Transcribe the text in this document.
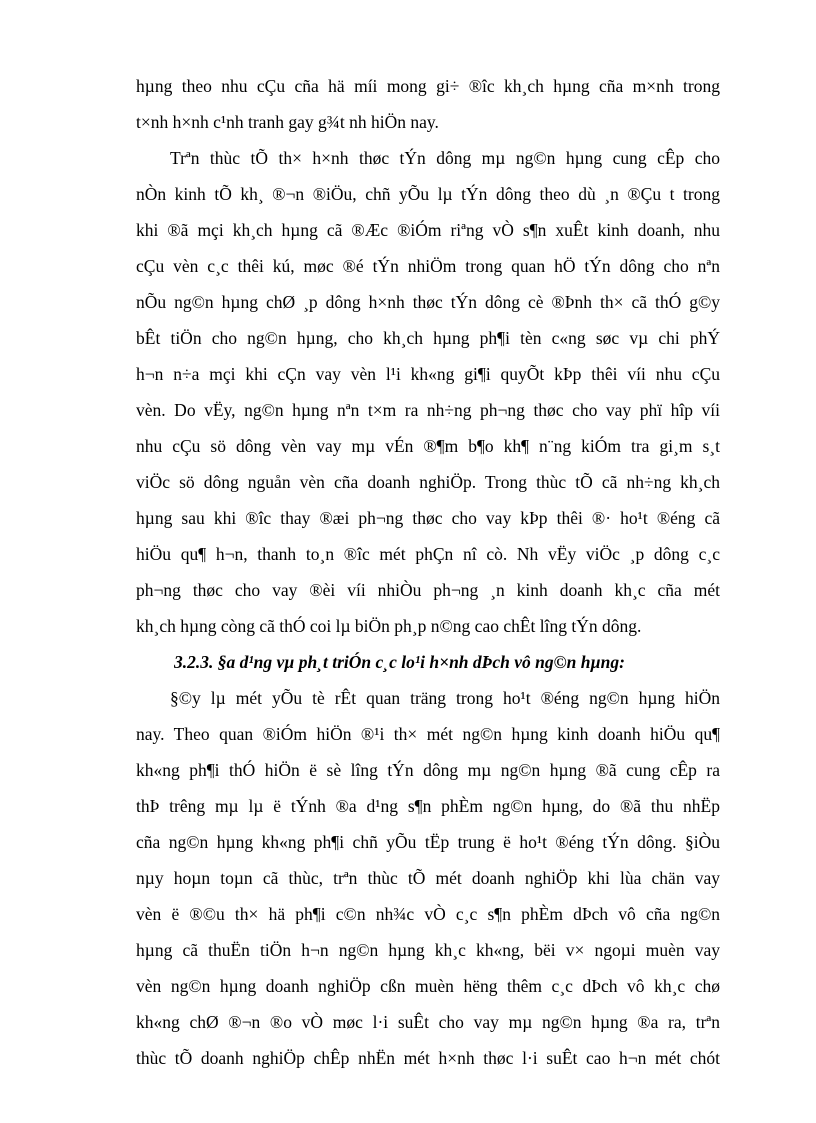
hµng theo nhu cÇu cña hä míi mong gi÷ ®îc kh¸ch hµng cña m×nh trong
t×nh h×nh c¹nh tranh gay g¾t nh hiÖn nay.
Trªn thùc tÕ th× h×nh thøc tÝn dông mµ ng©n hµng cung cÊp cho
nÒn kinh tÕ kh¸ ®¬n ®iÖu, chñ yÕu lµ tÝn dông theo dù ¸n ®Çu t trong
khi ®ã mçi kh¸ch hµng cã ®Æc ®iÓm riªng vÒ s¶n xuÊt kinh doanh, nhu
cÇu vèn c¸c thêi kú, møc ®é tÝn nhiÖm trong quan hÖ tÝn dông cho nªn
nÕu ng©n hµng chØ ¸p dông h×nh thøc tÝn dông cè ®Þnh th× cã thÓ g©y
bÊt tiÖn cho ng©n hµng, cho kh¸ch hµng ph¶i tèn c«ng søc vµ chi phÝ
h¬n n÷a mçi khi cÇn vay vèn l¹i kh«ng gi¶i quyÕt kÞp thêi víi nhu cÇu
vèn. Do vËy, ng©n hµng nªn t×m ra nh÷ng ph¬ng thøc cho vay phï hîp víi
nhu cÇu sö dông vèn vay mµ vÉn ®¶m b¶o kh¶ n¨ng kiÓm tra gi¸m s¸t
viÖc sö dông nguån vèn cña doanh nghiÖp. Trong thùc tÕ cã nh÷ng kh¸ch
hµng sau khi ®îc thay ®æi ph¬ng thøc cho vay kÞp thêi ®· ho¹t ®éng cã
hiÖu qu¶ h¬n, thanh to¸n ®îc mét phÇn nî cò. Nh vËy viÖc ¸p dông c¸c
ph¬ng thøc cho vay ®èi víi nhiÒu ph¬ng ¸n kinh doanh kh¸c cña mét
kh¸ch hµng còng cã thÓ coi lµ biÖn ph¸p n©ng cao chÊt lîng tÝn dông.
3.2.3. §a d¹ng vµ ph¸t triÓn c¸c lo¹i h×nh dÞch vô ng©n hµng:
§©y lµ mét yÕu tè rÊt quan träng trong ho¹t ®éng ng©n hµng hiÖn
nay. Theo quan ®iÓm hiÖn ®¹i th× mét ng©n hµng kinh doanh hiÖu qu¶
kh«ng ph¶i thÓ hiÖn ë sè lîng tÝn dông mµ ng©n hµng ®ã cung cÊp ra
thÞ trêng mµ lµ ë tÝnh ®a d¹ng s¶n phÈm ng©n hµng, do ®ã thu nhËp
cña ng©n hµng kh«ng ph¶i chñ yÕu tËp trung ë ho¹t ®éng tÝn dông. §iÒu
nµy hoµn toµn cã thùc, trªn thùc tÕ mét doanh nghiÖp khi lùa chän vay
vèn ë ®©u th× hä ph¶i c©n nh¾c vÒ c¸c s¶n phÈm dÞch vô cña ng©n
hµng cã thuËn tiÖn h¬n ng©n hµng kh¸c kh«ng, bëi v× ngoµi muèn vay
vèn ng©n hµng doanh nghiÖp cßn muèn hëng thêm c¸c dÞch vô kh¸c chø
kh«ng chØ ®¬n ®o vÒ møc l·i suÊt cho vay mµ ng©n hµng ®a ra, trªn
thùc tÕ doanh nghiÖp chÊp nhËn mét h×nh thøc l·i suÊt cao h¬n mét chót
